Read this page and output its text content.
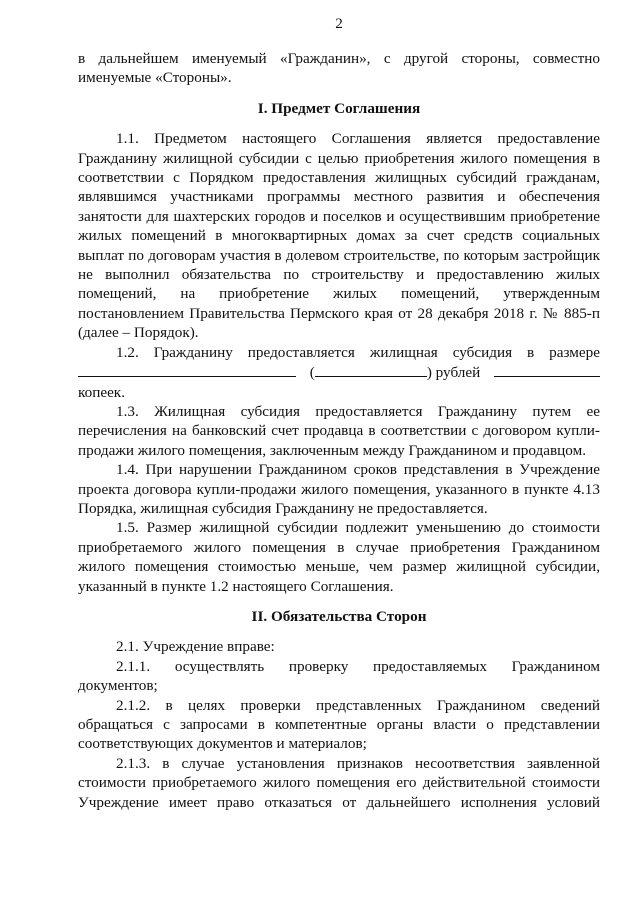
2

в дальнейшем именуемый «Гражданин», с другой стороны, совместно именуемые «Стороны».

I. Предмет Соглашения

1.1. Предметом настоящего Соглашения является предоставление Гражданину жилищной субсидии с целью приобретения жилого помещения в соответствии с Порядком предоставления жилищных субсидий гражданам, являвшимся участниками программы местного развития и обеспечения занятости для шахтерских городов и поселков и осуществившим приобретение жилых помещений в многоквартирных домах за счет средств социальных выплат по договорам участия в долевом строительстве, по которым застройщик не выполнил обязательства по строительству и предоставлению жилых помещений, на приобретение жилых помещений, утвержденным постановлением Правительства Пермского края от 28 декабря 2018 г. № 885-п (далее – Порядок).

1.2. Гражданину предоставляется жилищная субсидия в размере

(	) рублей

копеек.

1.3. Жилищная субсидия предоставляется Гражданину путем ее перечисления на банковский счет продавца в соответствии с договором купли-продажи жилого помещения, заключенным между Гражданином и продавцом.

1.4. При нарушении Гражданином сроков представления в Учреждение проекта договора купли-продажи жилого помещения, указанного в пункте 4.13 Порядка, жилищная субсидия Гражданину не предоставляется.

1.5. Размер жилищной субсидии подлежит уменьшению до стоимости приобретаемого жилого помещения в случае приобретения Гражданином жилого помещения стоимостью меньше, чем размер жилищной субсидии, указанный в пункте 1.2 настоящего Соглашения.

II. Обязательства Сторон

2.1. Учреждение вправе:

2.1.1. осуществлять проверку предоставляемых Гражданином документов;

2.1.2. в целях проверки представленных Гражданином сведений обращаться с запросами в компетентные органы власти о представлении соответствующих документов и материалов;

2.1.3. в случае установления признаков несоответствия заявленной стоимости приобретаемого жилого помещения его действительной стоимости Учреждение имеет право отказаться от дальнейшего исполнения условий
